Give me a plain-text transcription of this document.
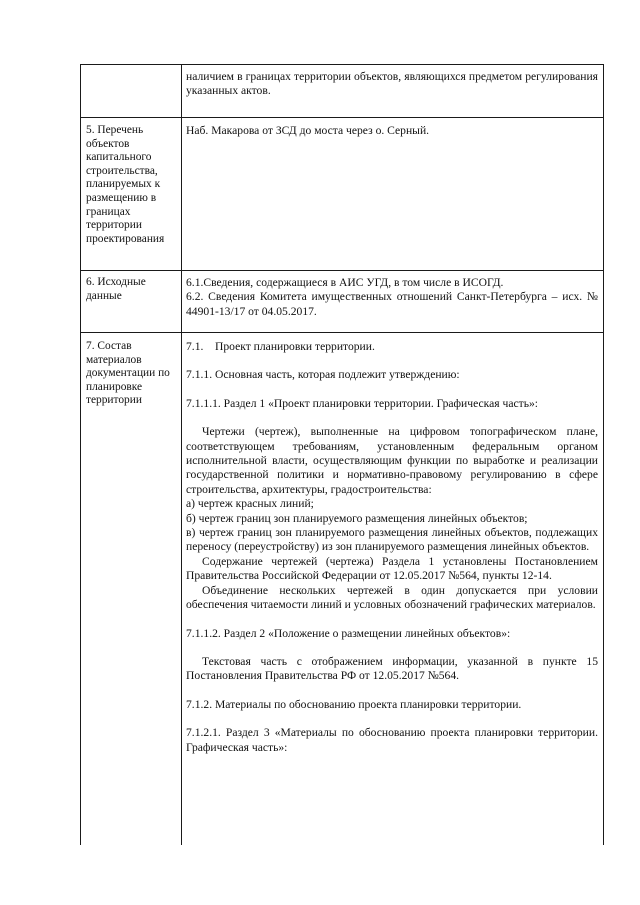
наличием в границах территории объектов, являющихся предметом регулирования указанных актов.

5. Перечень объектов капитального строительства, планируемых к размещению в границах территории проектирования

Наб. Макарова от ЗСД до моста через о. Серный.

6. Исходные данные

6.1.Сведения, содержащиеся в АИС УГД, в том числе в ИСОГД.

6.2. Сведения Комитета имущественных отношений Санкт-Петербурга – исх. № 44901-13/17 от 04.05.2017.

7. Состав материалов документации по планировке территории

7.1.    Проект планировки территории.

7.1.1. Основная часть, которая подлежит утверждению:

7.1.1.1. Раздел 1 «Проект планировки территории. Графическая часть»:

Чертежи (чертеж), выполненные на цифровом топографическом плане, соответствующем требованиям, установленным федеральным органом исполнительной власти, осуществляющим функции по выработке и реализации государственной политики и нормативно-правовому регулированию в сфере строительства, архитектуры, градостроительства:

а) чертеж красных линий;
б) чертеж границ зон планируемого размещения линейных объектов;

в) чертеж границ зон планируемого размещения линейных объектов, подлежащих переносу (переустройству) из зон планируемого размещения линейных объектов.

Содержание чертежей (чертежа) Раздела 1 установлены Постановлением Правительства Российской Федерации от 12.05.2017 №564, пункты 12-14.

Объединение нескольких чертежей в один допускается при условии обеспечения читаемости линий и условных обозначений графических материалов.

7.1.1.2. Раздел 2 «Положение о размещении линейных объектов»:

Текстовая часть с отображением информации, указанной в пункте 15 Постановления Правительства РФ от 12.05.2017 №564.

7.1.2. Материалы по обоснованию проекта планировки территории.

7.1.2.1. Раздел 3 «Материалы по обоснованию проекта планировки территории. Графическая часть»:
